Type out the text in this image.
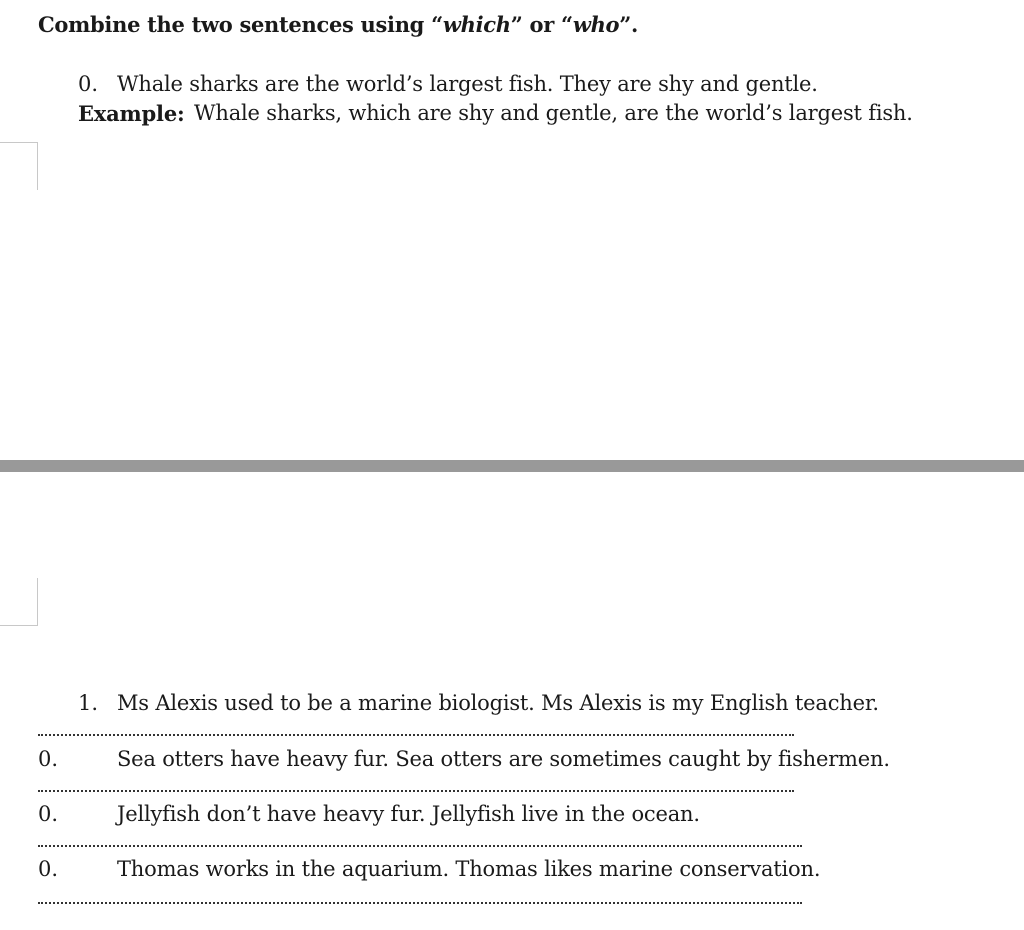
Combine the two sentences using “which” or “who”.
0. Whale sharks are the world’s largest fish. They are shy and gentle.
Example: Whale sharks, which are shy and gentle, are the world’s largest fish.
1. Ms Alexis used to be a marine biologist. Ms Alexis is my English teacher.
0.	Sea otters have heavy fur. Sea otters are sometimes caught by fishermen.
0.	Jellyfish don’t have heavy fur. Jellyfish live in the ocean.
0.	Thomas works in the aquarium. Thomas likes marine conservation.
